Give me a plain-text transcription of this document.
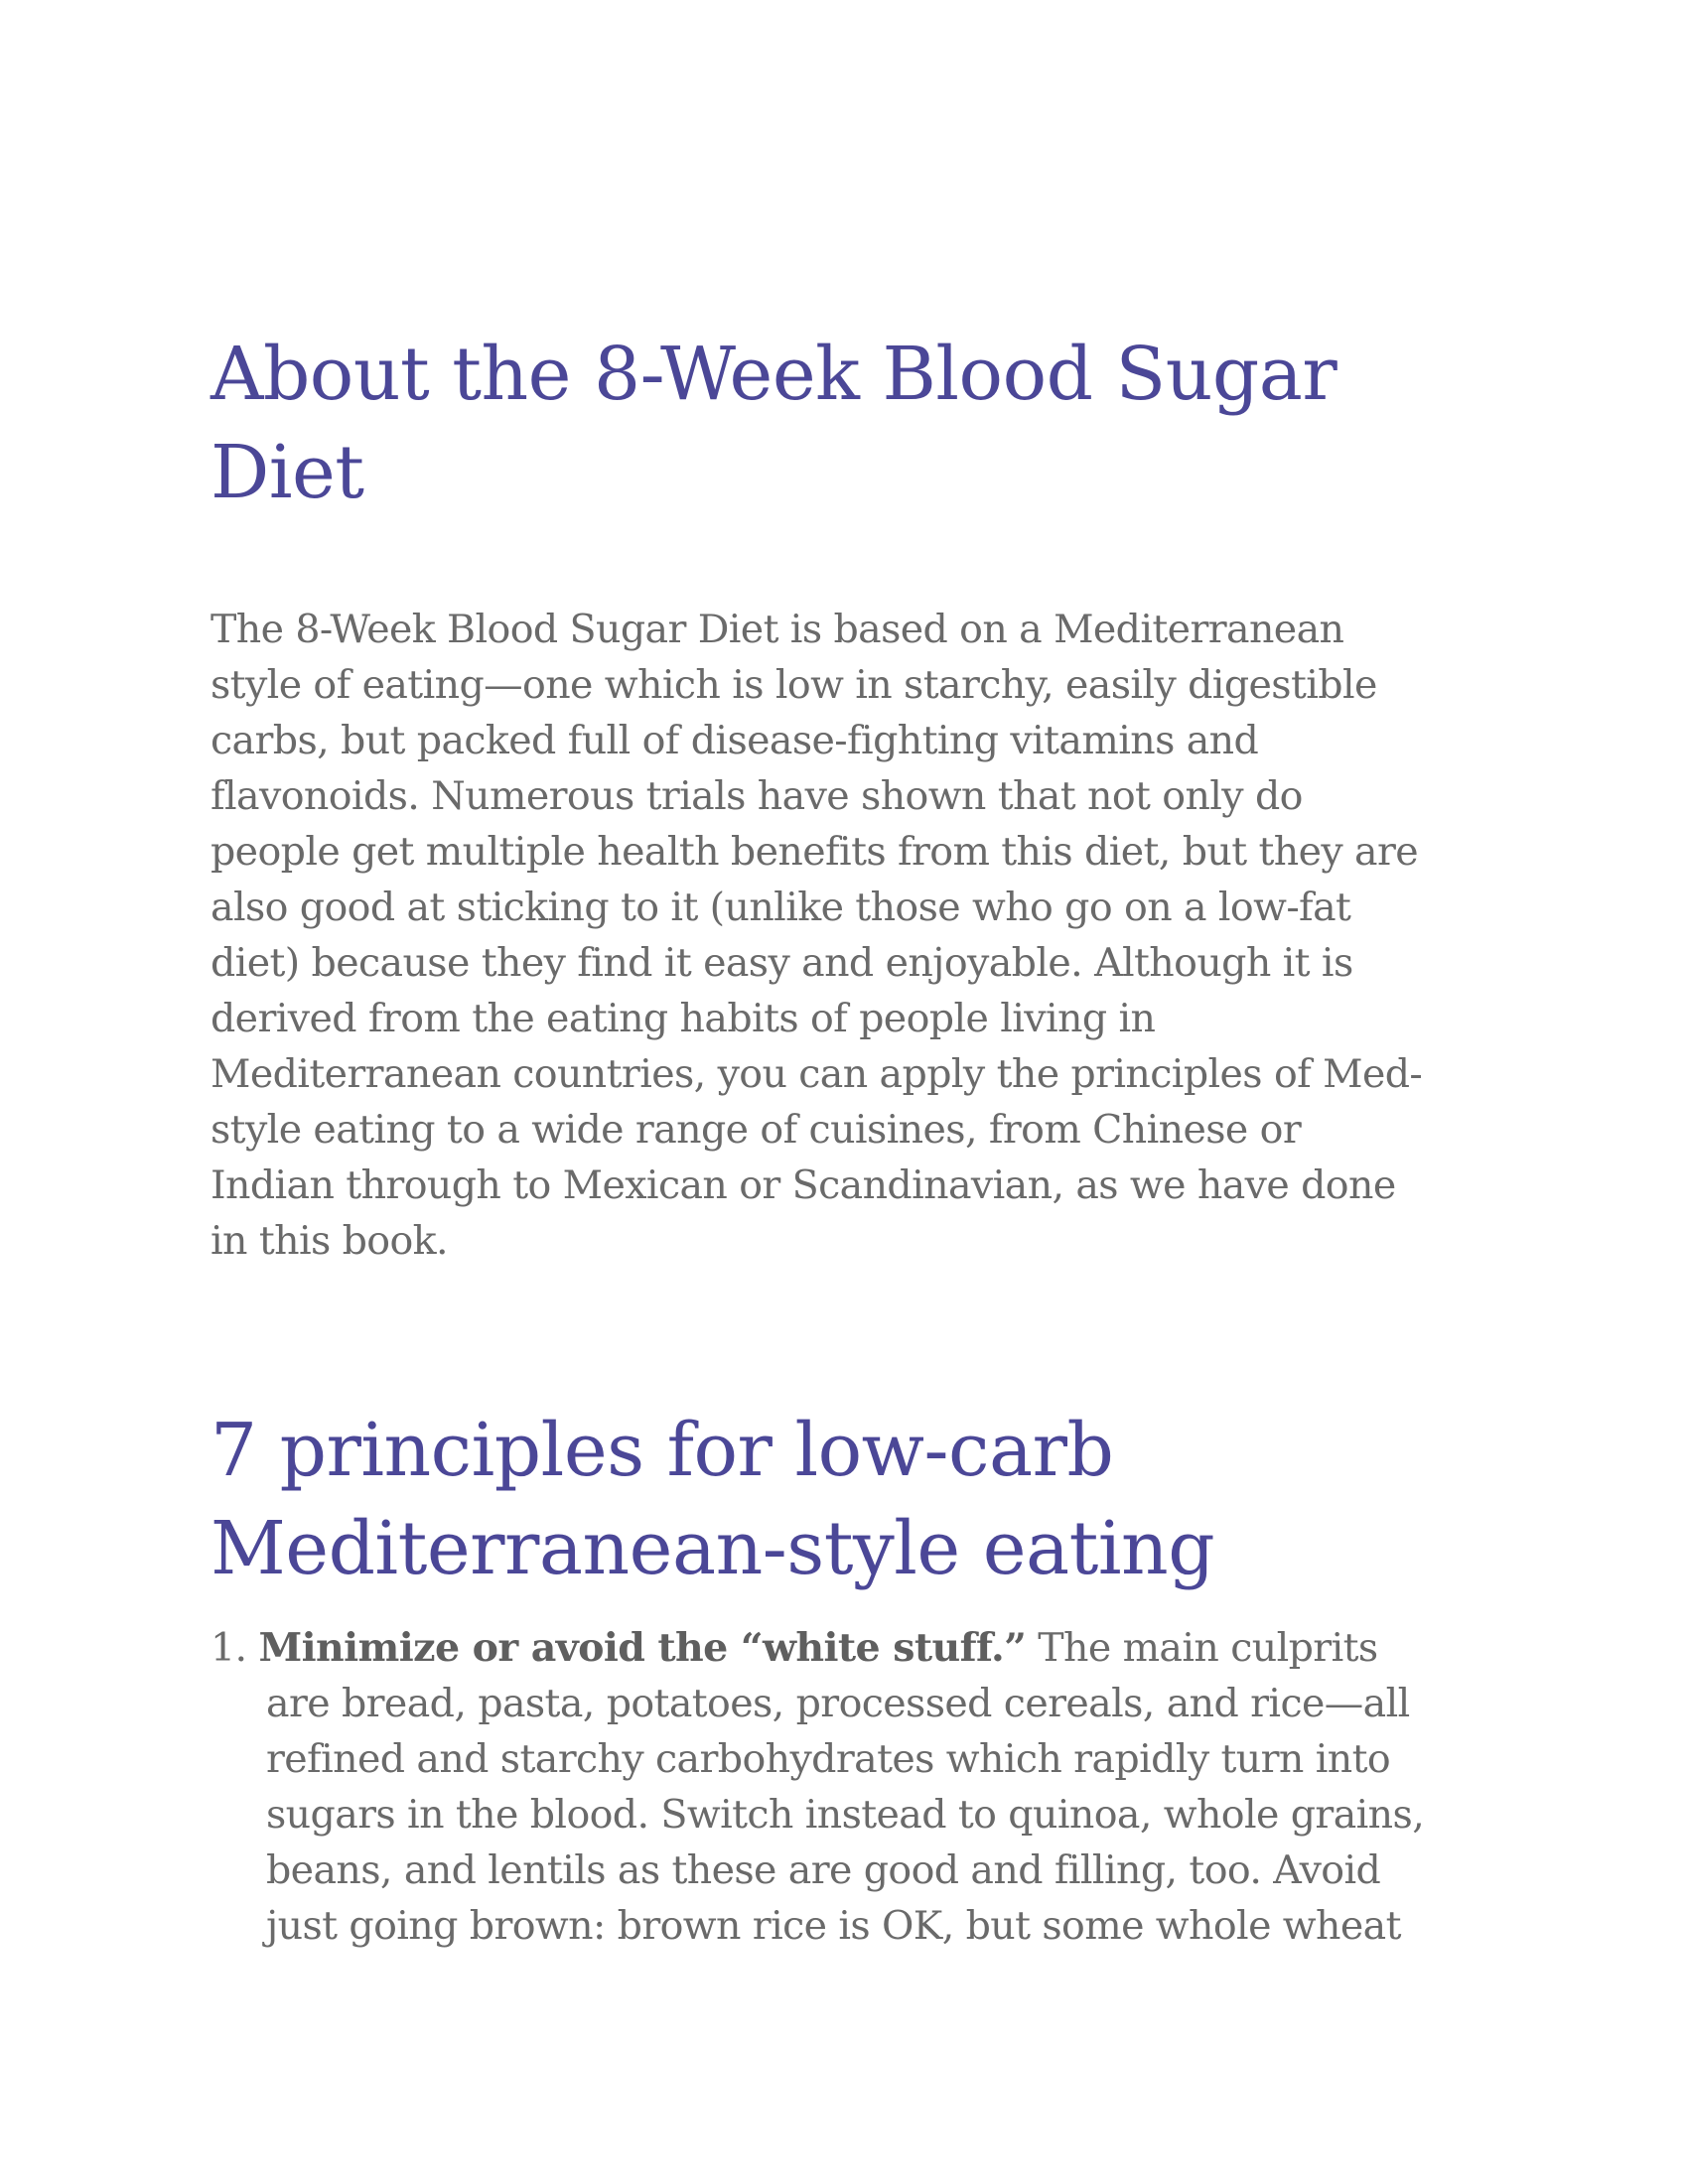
About the 8-Week Blood Sugar
Diet

The 8-Week Blood Sugar Diet is based on a Mediterranean
style of eating—one which is low in starchy, easily digestible
carbs, but packed full of disease-fighting vitamins and
flavonoids. Numerous trials have shown that not only do
people get multiple health benefits from this diet, but they are
also good at sticking to it (unlike those who go on a low-fat
diet) because they find it easy and enjoyable. Although it is
derived from the eating habits of people living in
Mediterranean countries, you can apply the principles of Med-
style eating to a wide range of cuisines, from Chinese or
Indian through to Mexican or Scandinavian, as we have done
in this book.

7 principles for low-carb
Mediterranean-style eating
1. Minimize or avoid the “white stuff.” The main culprits
are bread, pasta, potatoes, processed cereals, and rice—all
refined and starchy carbohydrates which rapidly turn into
sugars in the blood. Switch instead to quinoa, whole grains,
beans, and lentils as these are good and filling, too. Avoid
just going brown: brown rice is OK, but some whole wheat
